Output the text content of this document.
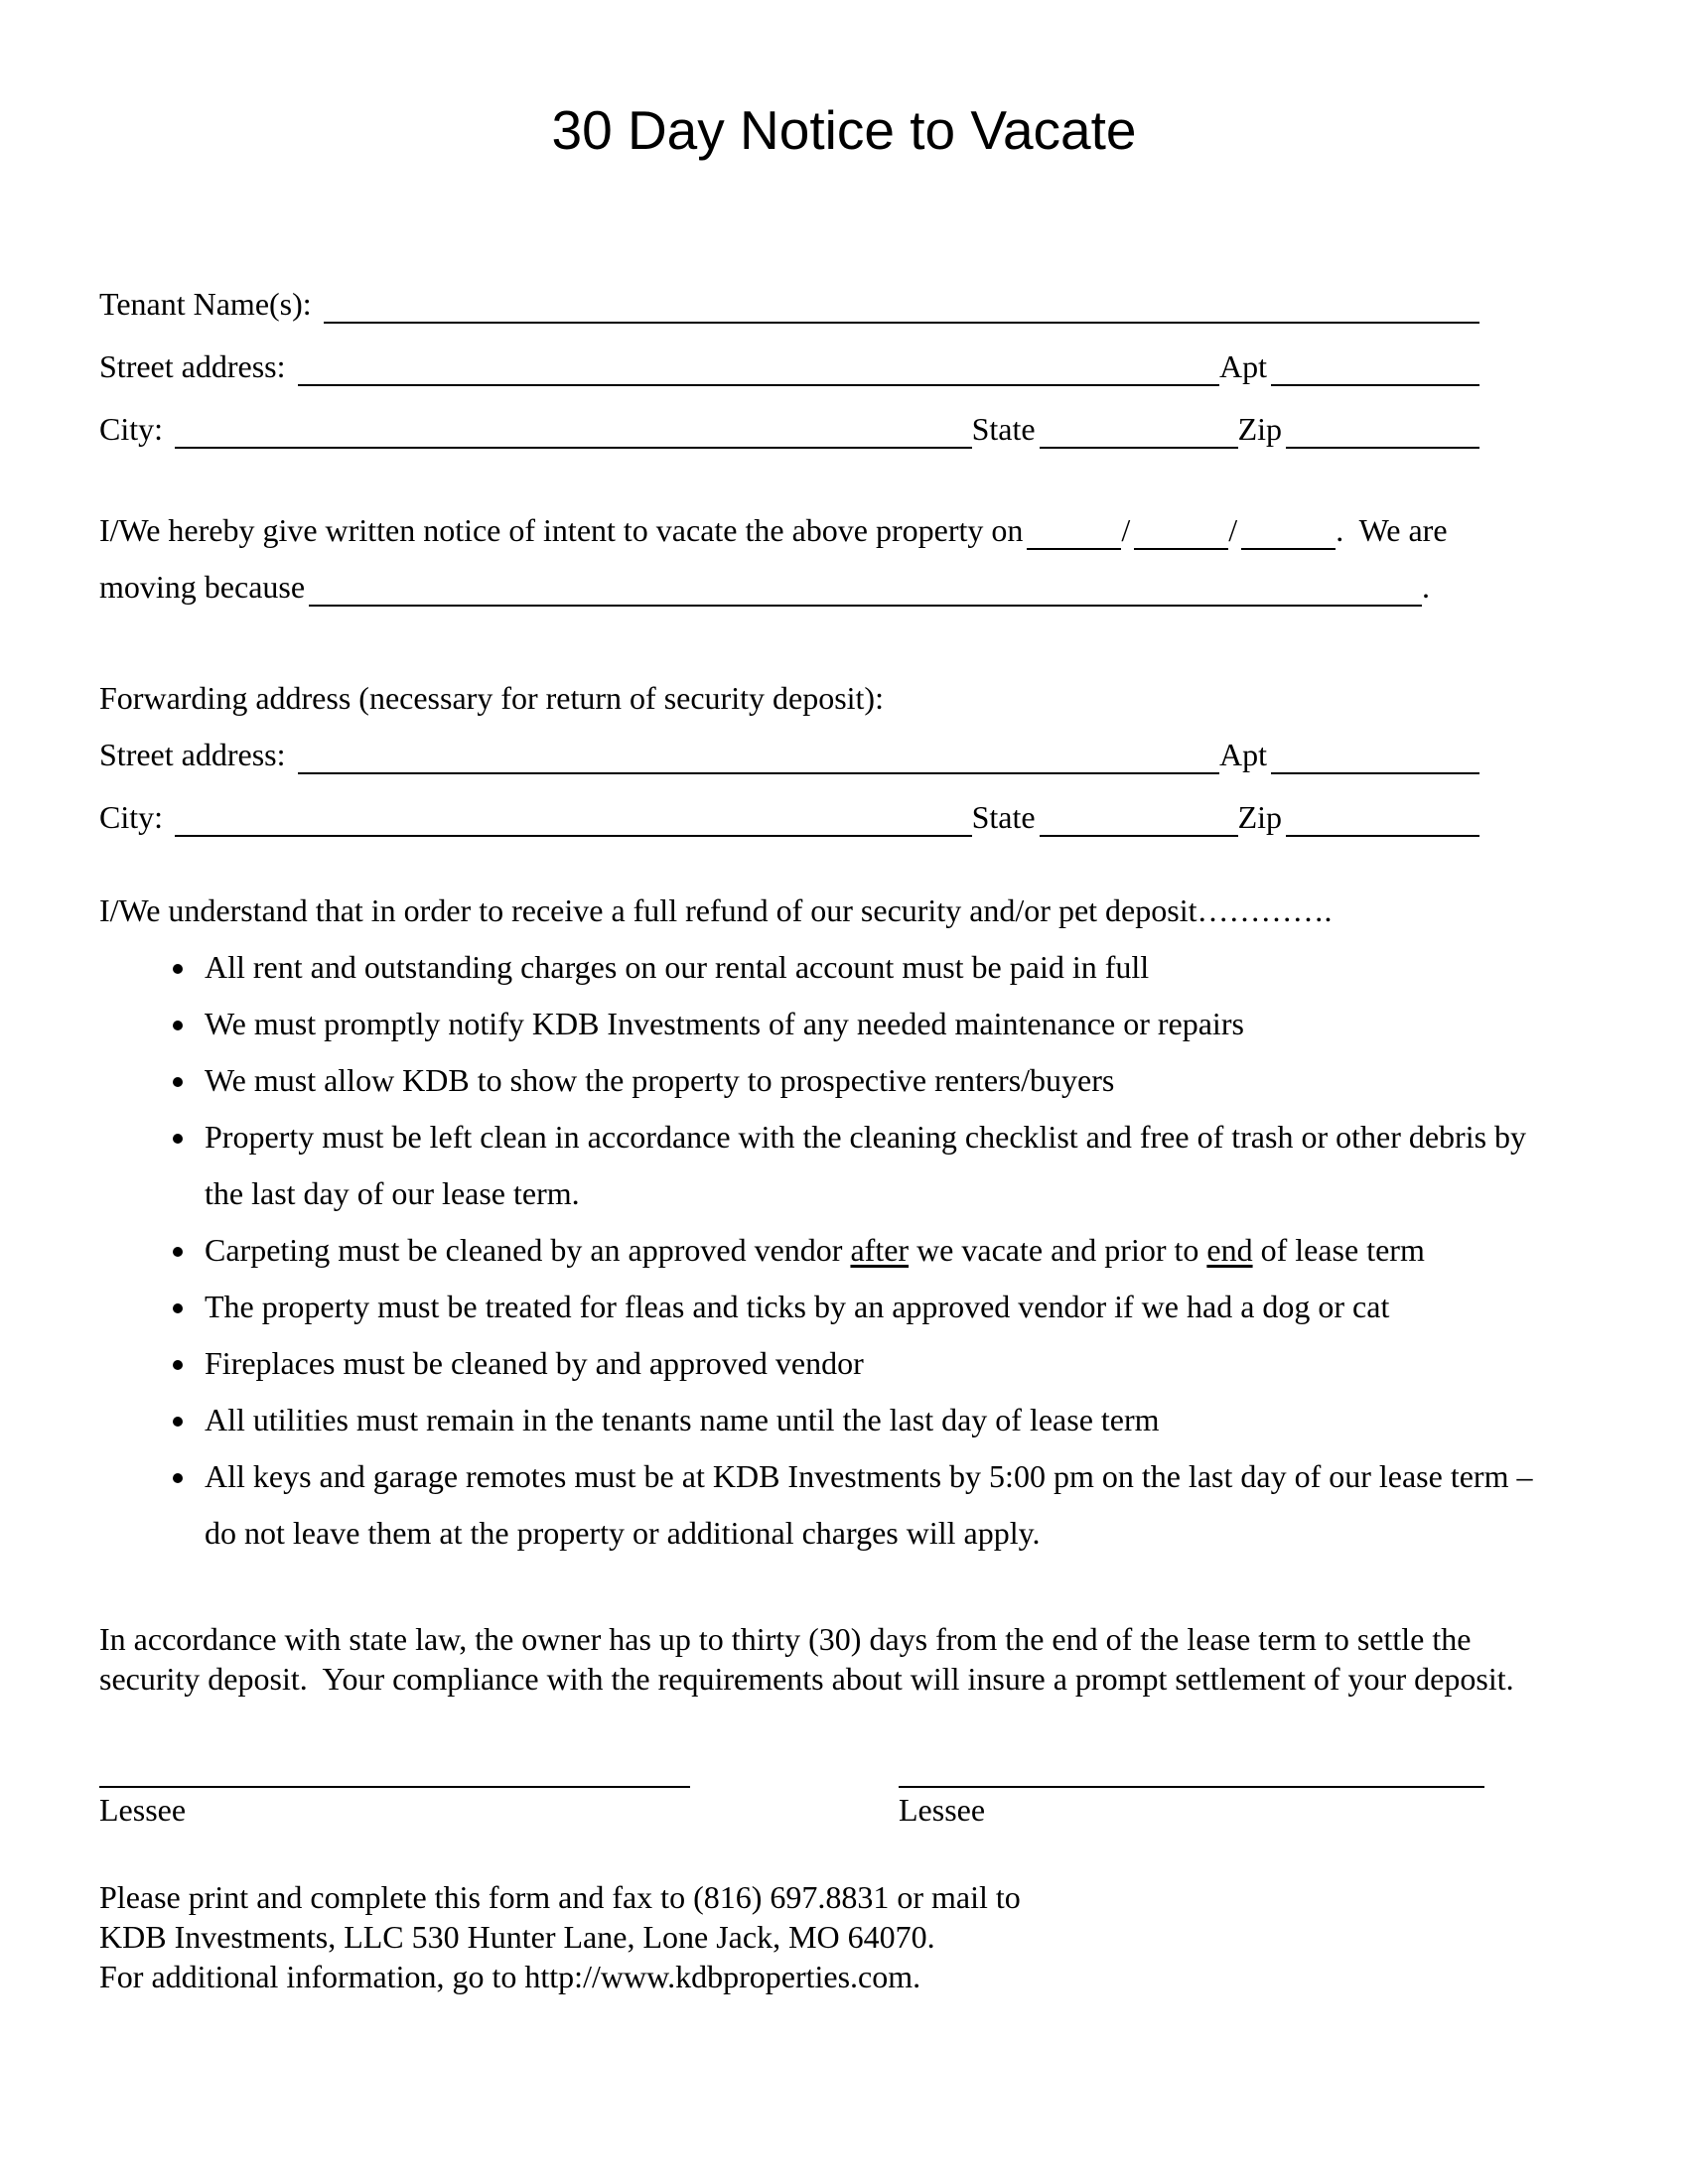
30 Day Notice to Vacate
Tenant Name(s):
Street address:	Apt
City:	State	Zip
I/We hereby give written notice of intent to vacate the above property on	/	/	.  We are
moving because	.
Forwarding address (necessary for return of security deposit):
Street address:	Apt
City:	State	Zip
I/We understand that in order to receive a full refund of our security and/or pet deposit………….
• All rent and outstanding charges on our rental account must be paid in full
• We must promptly notify KDB Investments of any needed maintenance or repairs
• We must allow KDB to show the property to prospective renters/buyers
• Property must be left clean in accordance with the cleaning checklist and free of trash or other debris by
the last day of our lease term.
• Carpeting must be cleaned by an approved vendor after we vacate and prior to end of lease term
• The property must be treated for fleas and ticks by an approved vendor if we had a dog or cat
• Fireplaces must be cleaned by and approved vendor
• All utilities must remain in the tenants name until the last day of lease term
• All keys and garage remotes must be at KDB Investments by 5:00 pm on the last day of our lease term –
do not leave them at the property or additional charges will apply.
In accordance with state law, the owner has up to thirty (30) days from the end of the lease term to settle the
security deposit.  Your compliance with the requirements about will insure a prompt settlement of your deposit.
Lessee	Lessee
Please print and complete this form and fax to (816) 697.8831 or mail to
KDB Investments, LLC 530 Hunter Lane, Lone Jack, MO 64070.
For additional information, go to http://www.kdbproperties.com.
